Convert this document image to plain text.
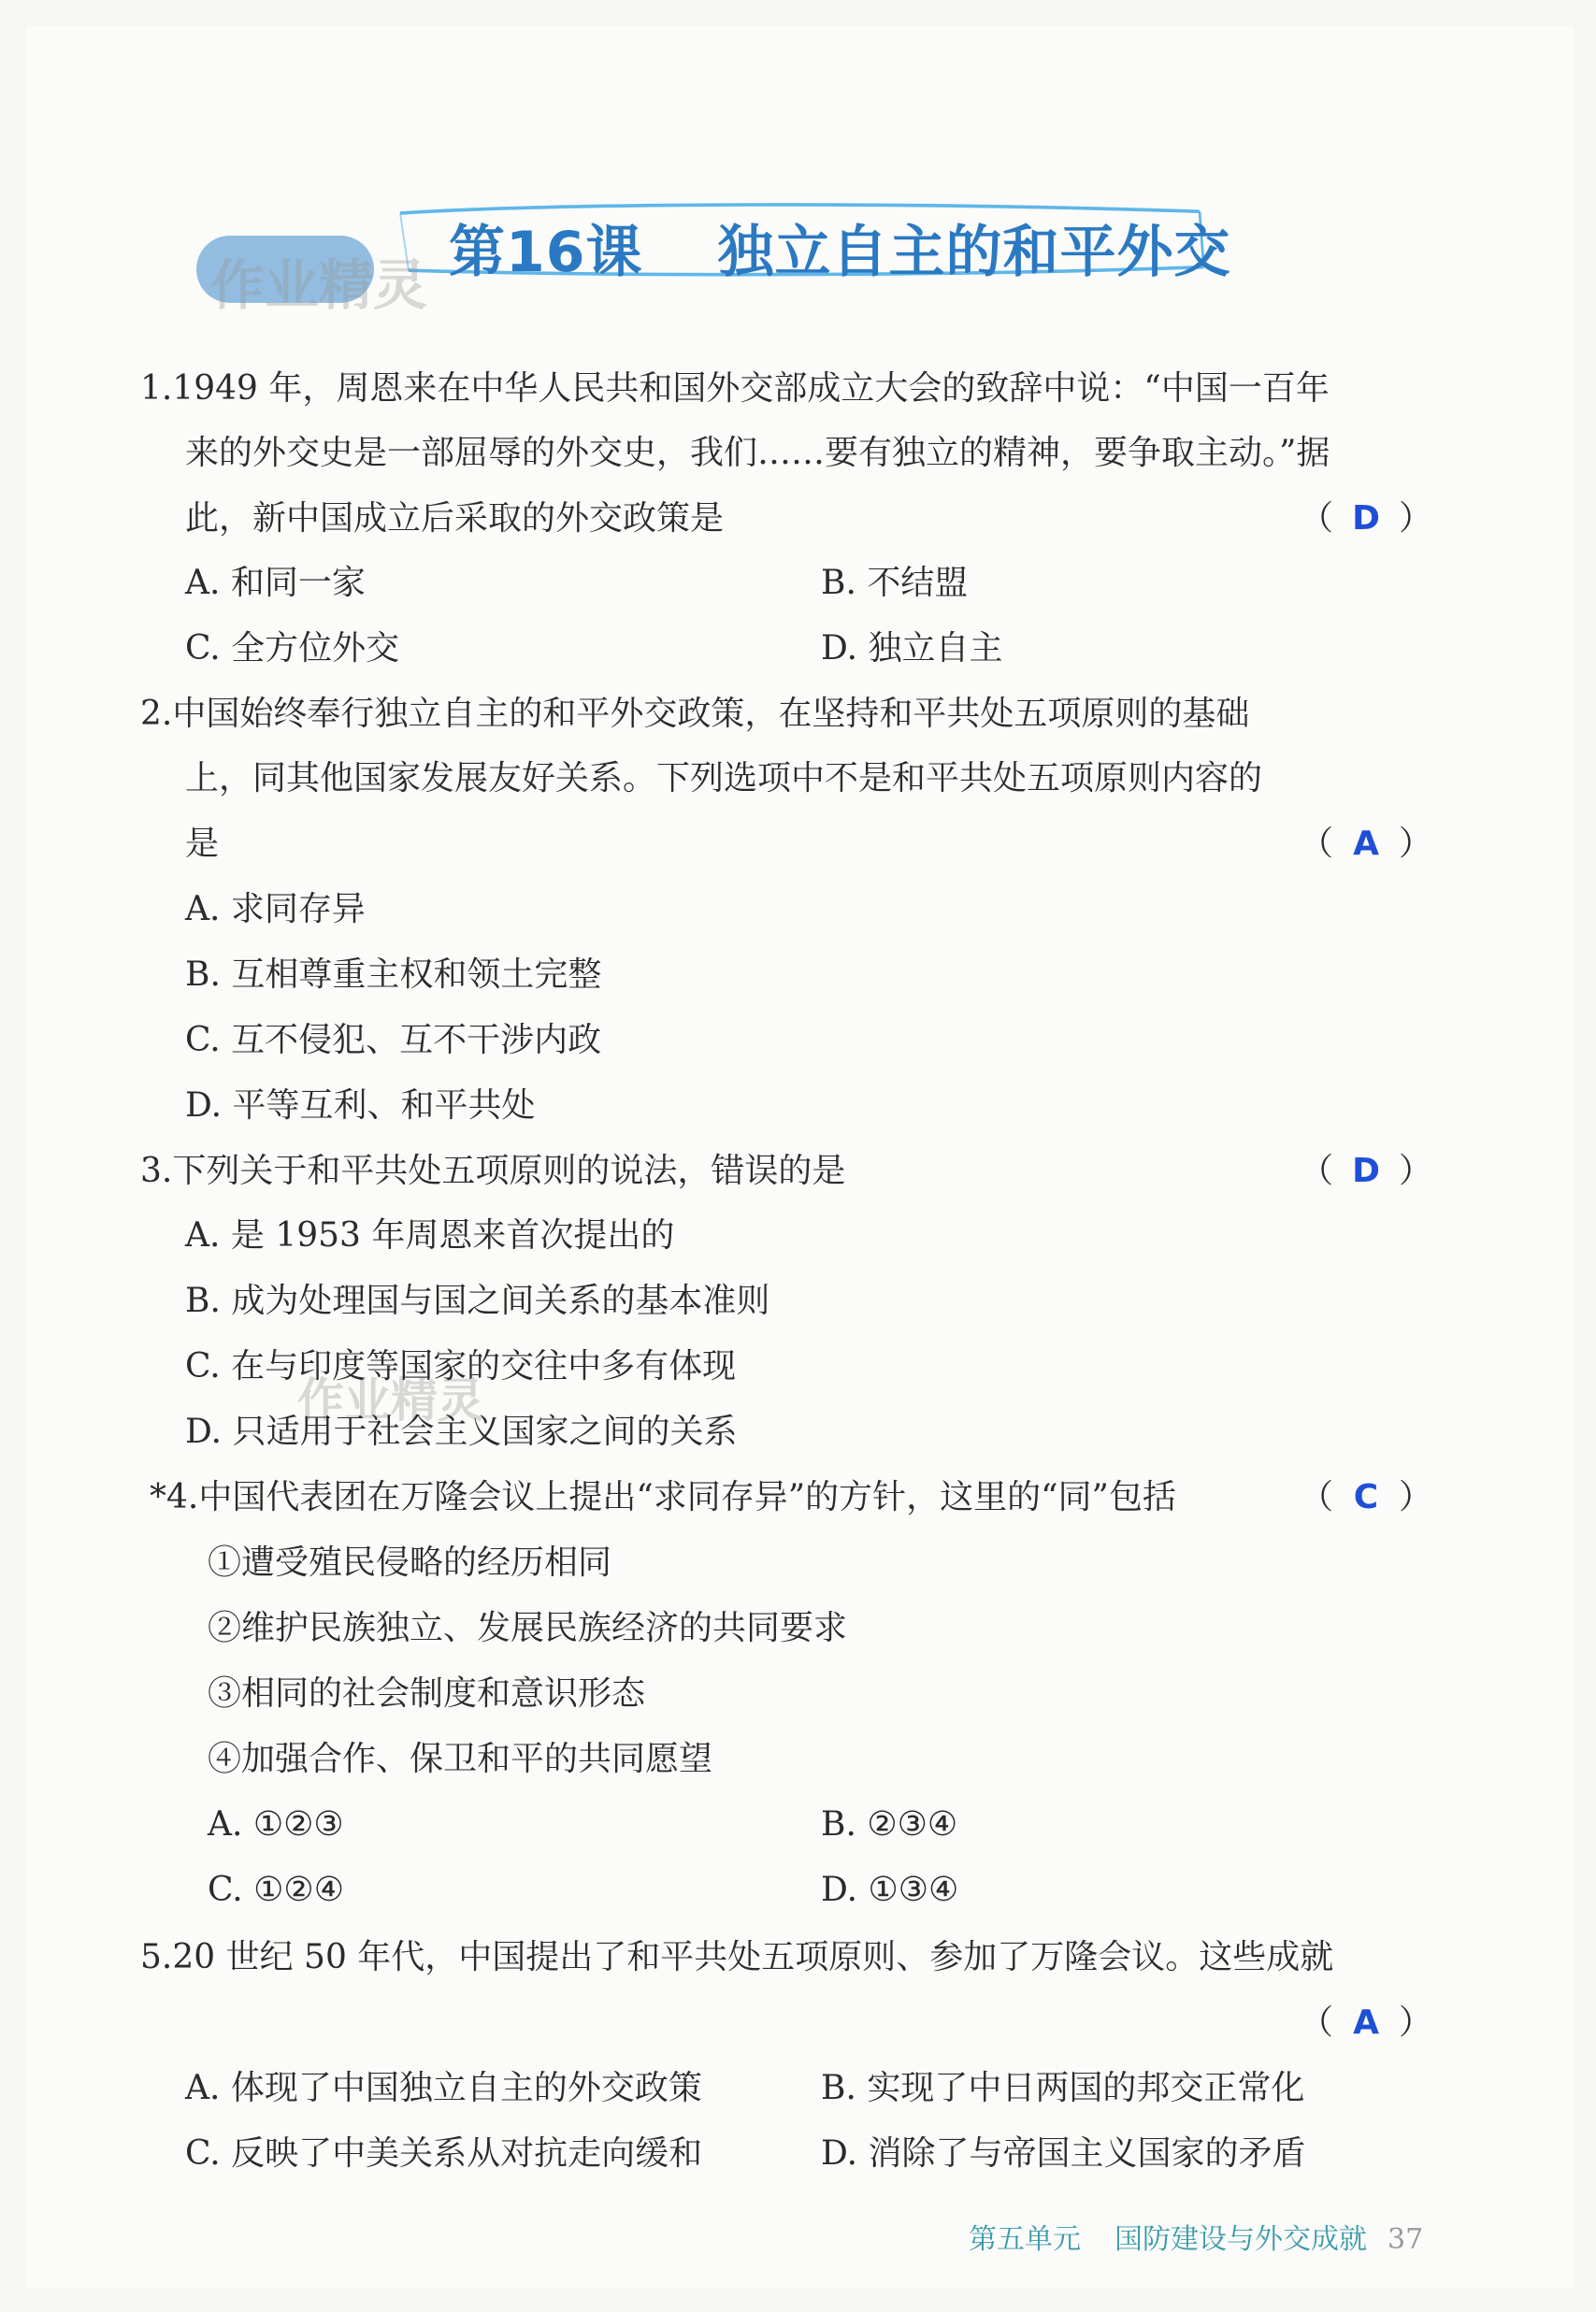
第16课 独立自主的和平外交
作业精灵
作业精灵
1.1949 年，周恩来在中华人民共和国外交部成立大会的致辞中说：“中国一百年
来的外交史是一部屈辱的外交史，我们……要有独立的精神，要争取主动。”据
此，新中国成立后采取的外交政策是	（ D ）
A. 和同一家	B. 不结盟
C. 全方位外交	D. 独立自主
2.中国始终奉行独立自主的和平外交政策，在坚持和平共处五项原则的基础
上，同其他国家发展友好关系。下列选项中不是和平共处五项原则内容的
是	（ A ）
A. 求同存异
B. 互相尊重主权和领土完整
C. 互不侵犯、互不干涉内政
D. 平等互利、和平共处
3.下列关于和平共处五项原则的说法，错误的是	（ D ）
A. 是 1953 年周恩来首次提出的
B. 成为处理国与国之间关系的基本准则
C. 在与印度等国家的交往中多有体现
D. 只适用于社会主义国家之间的关系
*4.中国代表团在万隆会议上提出“求同存异”的方针，这里的“同”包括	（ C ）
①遭受殖民侵略的经历相同
②维护民族独立、发展民族经济的共同要求
③相同的社会制度和意识形态
④加强合作、保卫和平的共同愿望
A. ①②③	B. ②③④
C. ①②④	D. ①③④
5.20 世纪 50 年代，中国提出了和平共处五项原则、参加了万隆会议。这些成就
（ A ）
A. 体现了中国独立自主的外交政策	B. 实现了中日两国的邦交正常化
C. 反映了中美关系从对抗走向缓和	D. 消除了与帝国主义国家的矛盾
第五单元 国防建设与外交成就 37
